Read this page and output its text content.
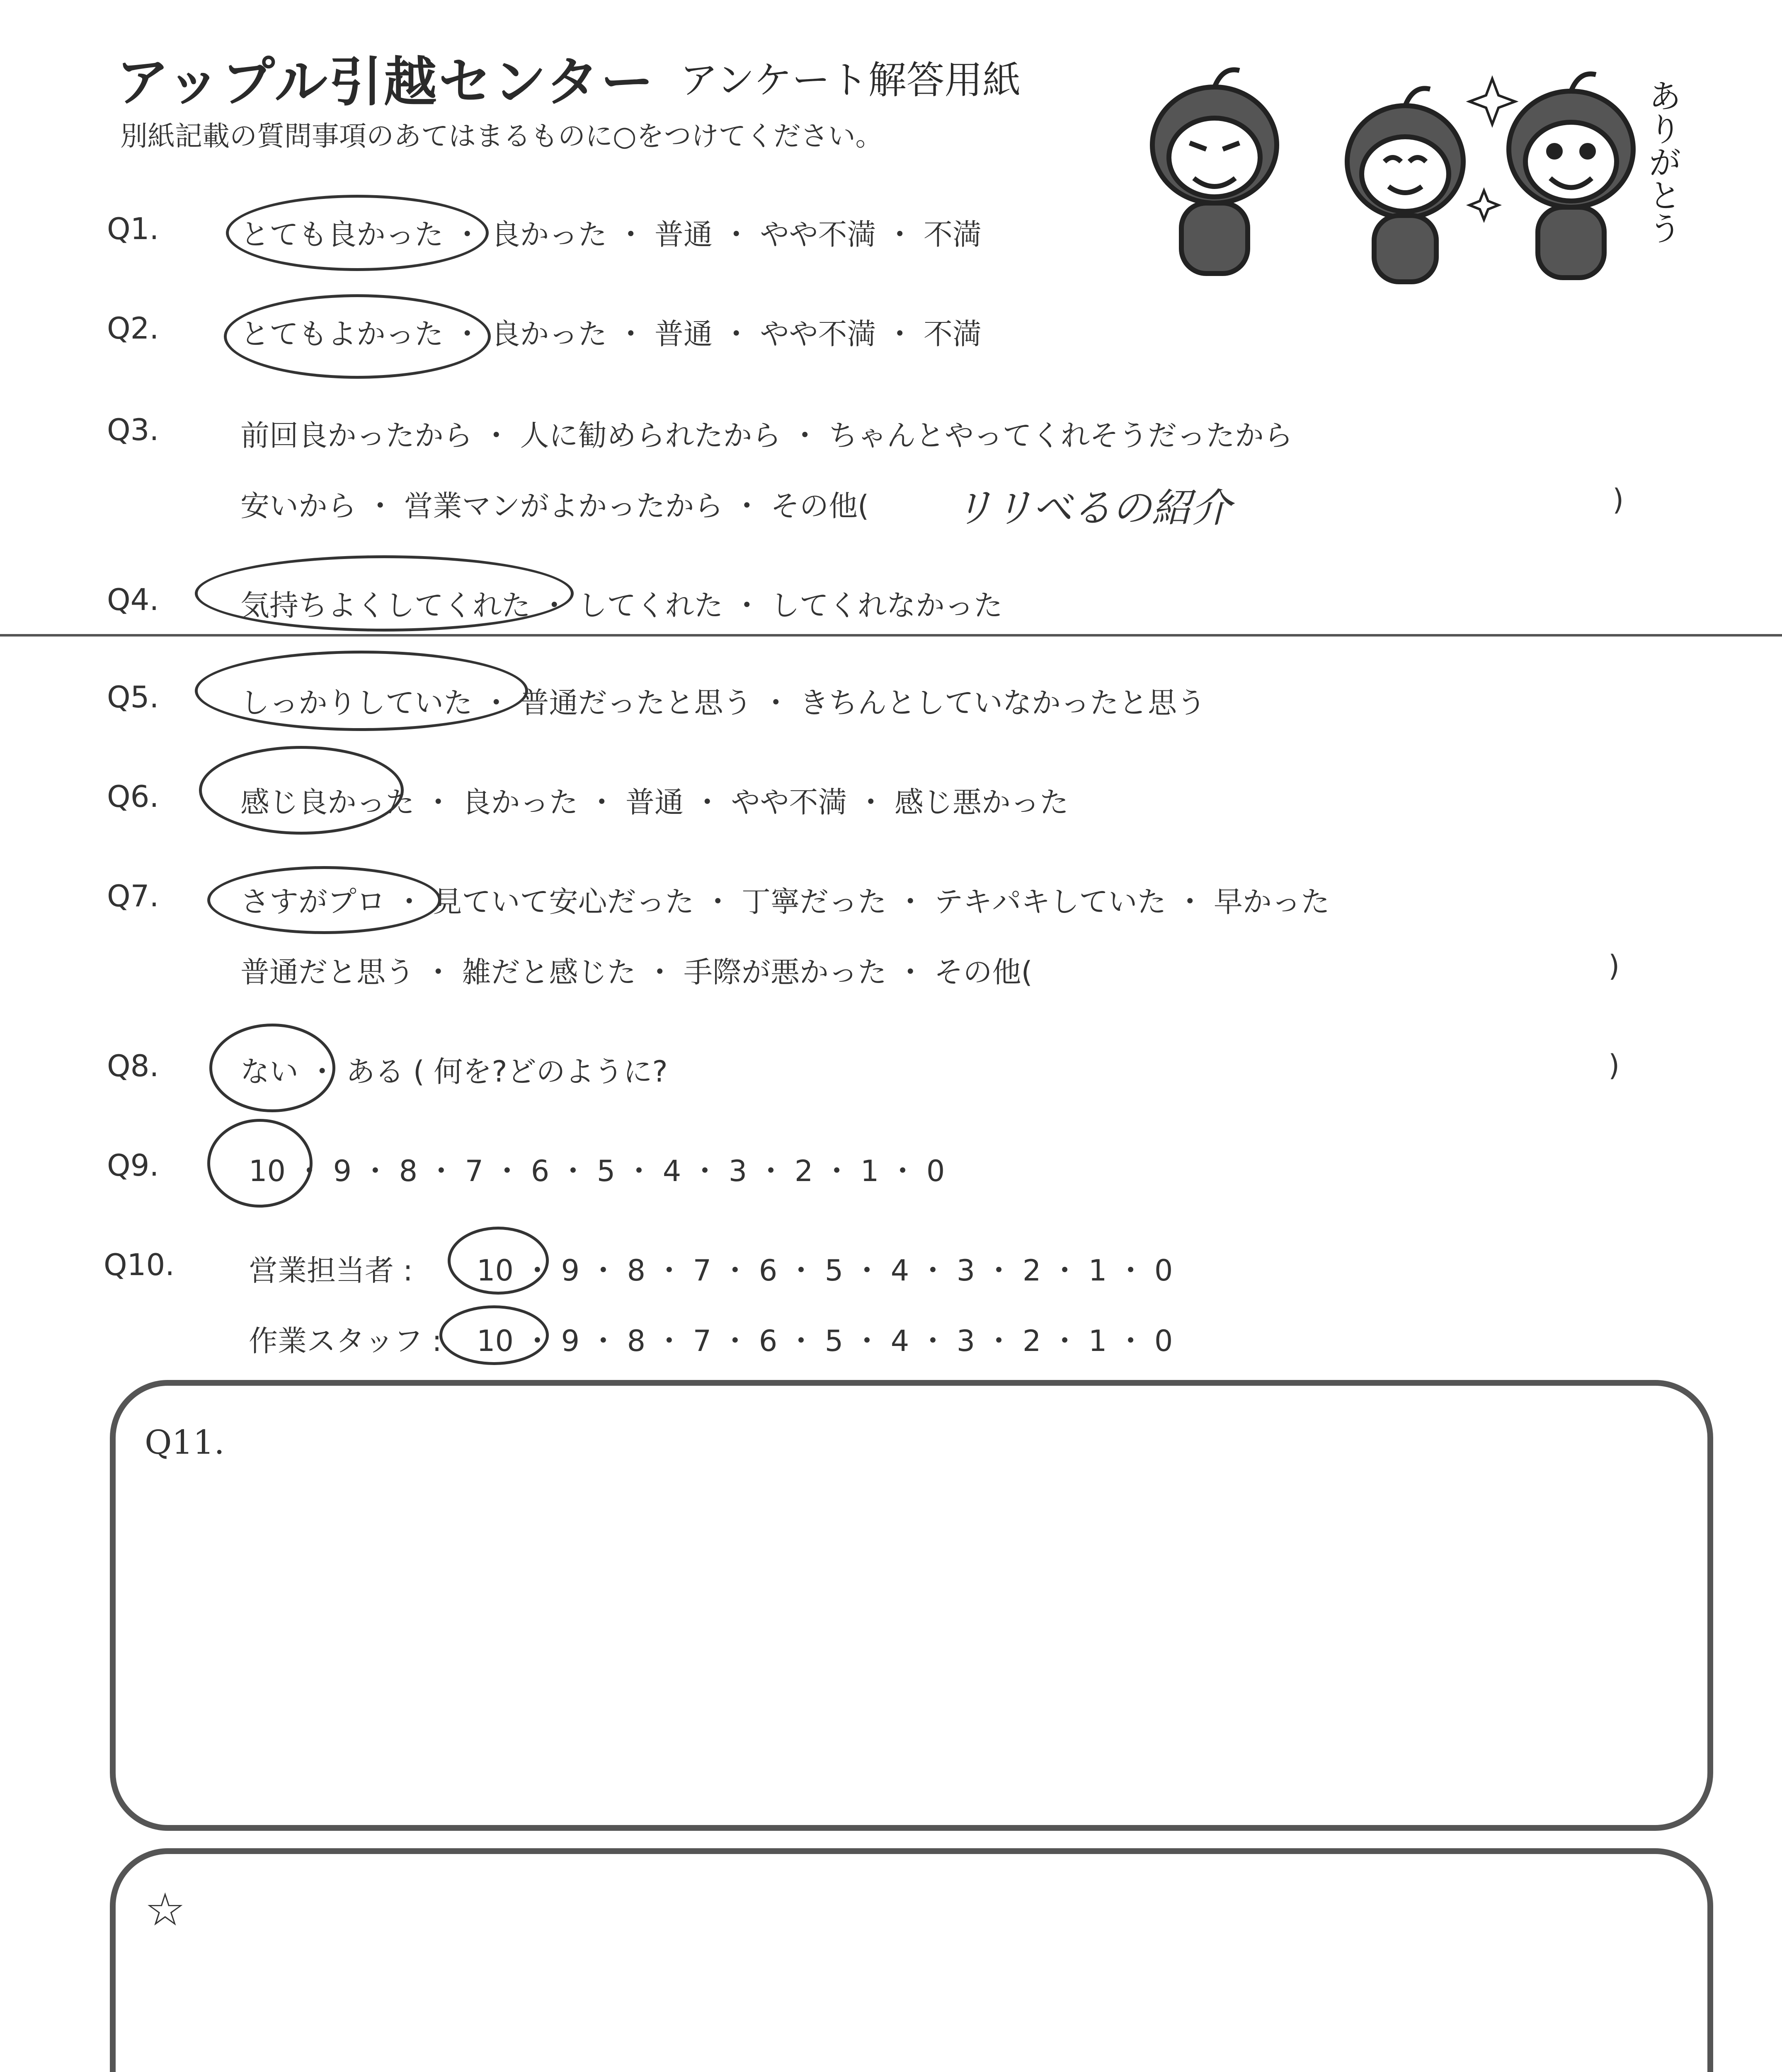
アップル引越センター アンケート解答用紙
別紙記載の質問事項のあてはまるものに○をつけてください。	ありがとう
Q1.	とても良かった ・ 良かった ・ 普通 ・ やや不満 ・ 不満
Q2.	とてもよかった ・ 良かった ・ 普通 ・ やや不満 ・ 不満
Q3.	前回良かったから ・ 人に勧められたから ・ ちゃんとやってくれそうだったから
安いから ・ 営業マンがよかったから ・ その他( リリベるの紹介	)
Q4.	気持ちよくしてくれた ・ してくれた ・ してくれなかった
Q5.	しっかりしていた ・ 普通だったと思う ・ きちんとしていなかったと思う
Q6.	感じ良かった ・ 良かった ・ 普通 ・ やや不満 ・ 感じ悪かった
Q7.	さすがプロ ・ 見ていて安心だった ・ 丁寧だった ・ テキパキしていた ・ 早かった
普通だと思う ・ 雑だと感じた ・ 手際が悪かった ・ その他(	)
Q8.	ない ・ ある ( 何を?どのように?	)
Q9.	10 ・ 9 ・ 8 ・ 7 ・ 6 ・ 5 ・ 4 ・ 3 ・ 2 ・ 1 ・ 0
Q10.	営業担当者 : 10 ・ 9 ・ 8 ・ 7 ・ 6 ・ 5 ・ 4 ・ 3 ・ 2 ・ 1 ・ 0
作業スタッフ : 10 ・ 9 ・ 8 ・ 7 ・ 6 ・ 5 ・ 4 ・ 3 ・ 2 ・ 1 ・ 0
Q11.
☆
